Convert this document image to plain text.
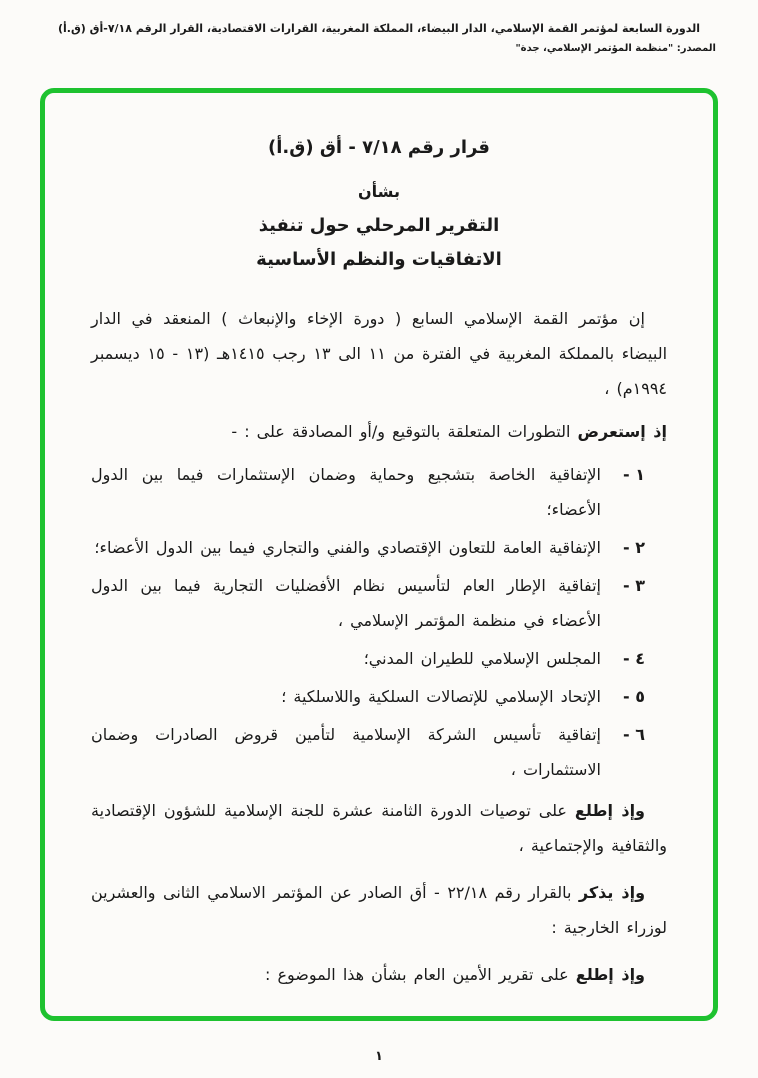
الدورة السابعة لمؤتمر القمة الإسلامي، الدار البيضاء، المملكة المغربية، القرارات الاقتصادية، القرار الرقم ٧/١٨-أق (ق.أ)
المصدر: "منظمة المؤتمر الإسلامي، جدة"
قرار رقم ٧/١٨ - أق (ق.أ)
بشأن
التقرير المرحلي حول تنفيذ
الاتفاقيات والنظم الأساسية

إن مؤتمر القمة الإسلامي السابع ( دورة الإخاء والإنبعاث ) المنعقد في الدار البيضاء بالمملكة المغربية في الفترة من ١١ الى ١٣ رجب ١٤١٥هـ (١٣ - ١٥ ديسمبر ١٩٩٤م) ،

إذ إستعرض التطورات المتعلقة بالتوقيع و/أو المصادقة على : -

١ -
الإتفاقية الخاصة بتشجيع وحماية وضمان الإستثمارات فيما بين الدول الأعضاء؛
٢ -
الإتفاقية العامة للتعاون الإقتصادي والفني والتجاري فيما بين الدول الأعضاء؛
٣ -
إتفاقية الإطار العام لتأسيس نظام الأفضليات التجارية فيما بين الدول الأعضاء في منظمة المؤتمر الإسلامي ،
٤ -
المجلس الإسلامي للطيران المدني؛
٥ -
الإتحاد الإسلامي للإتصالات السلكية واللاسلكية ؛
٦ -
إتفاقية تأسيس الشركة الإسلامية لتأمين قروض الصادرات وضمان الاستثمارات ،

وإذ إطلع على توصيات الدورة الثامنة عشرة للجنة الإسلامية للشؤون الإقتصادية والثقافية والإجتماعية ،

وإذ يذكر بالقرار رقم ٢٢/١٨ - أق الصادر عن المؤتمر الاسلامي الثانى والعشرين لوزراء الخارجية :

وإذ إطلع على تقرير الأمين العام بشأن هذا الموضوع :

١
